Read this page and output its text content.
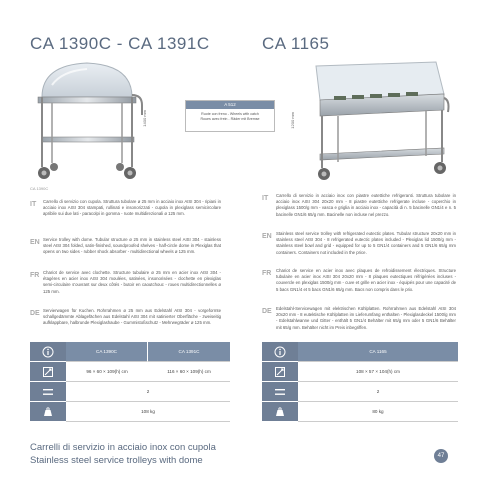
CA 1390C - CA 1391C	CA 1165
CA 1390C
1400 mm
A 512
Ruote con freno - Wheels with catch
Roues avec frein - Räder mit Bremse	1200 mm
IT	Carrello di servizio con cupola. Struttura tubolare ø 25 mm in acciaio inox AISI 304 - ripiani in acciaio inox AISI 304 stampati, rullinati e insonorizzati - cupola in plexiglass semicircolare apribile sui due lati - paracolpi in gomma - ruote multidirezionali ø 125 mm.
EN Service trolley with dome. Tubular structure ø 25 mm in stainless steel AISI 304 - stainless steel AISI 304 folded, satin-finished, soundproofed shelves - half-circle dome in Plexiglas that opens on two sides - rubber shock absorber - multidirectional wheels ø 125 mm.
FR Chariot de service avec clochette. Structure tubulaire ø 25 mm en acier inox AISI 304 - étagères en acier inox AISI 304 moulées, satinées, insonorisées - clochette en plexiglas semi-circulaire s'ouvrant sur deux côtés - butoir en caoutchouc - roues multidirectionnelles ø 125 mm.
DE Servierwagen für Kuchen. Rohrrahmen ø 25 mm aus Edelstahl AISI 304 - vorgeformte schallgedämmte Ablagefächen aus Edelstahl AISI 304 mit satinierter Oberfläche - zweiseitig aufklappbare, halbrunde Plexiglashaube - Gummistoßschutz - Mehrwegräder ø 125 mm.
IT	Carrello di servizio in acciaio inox con piastre eutettiche refrigeranti. Struttura tubolare in acciaio inox AISI 304 20x20 mm - 8 piastre eutettiche refrigerate incluse - coperchio in plexiglass 1500/g mm - vasca e griglia in acciaio inox - capacità di n. 5 bacinelle GN1/4 e n. 5 bacinelle GN1/6 65/g mm. Bacinelle non incluse nel prezzo.
EN Stainless steel service trolley with refrigerated eutectic plates. Tubular structure 20x20 mm in stainless steel AISI 304 - 8 refrigerated eutectic plates included - Plexiglas lid 1500/g mm - stainless steel bowl and grid - equipped for up to 5 GN1/4 containers and 5 GN1/6 65/g mm containers. Containers not included in the price.
FR Chariot de service en acier inox avec plaques de refroidissement électriques. Structure tubulaire en acier inox AISI 304 20x20 mm - 8 plaques eutectiques réfrigérées incluses - couvercle en plexiglas 1500/g mm - cuve et grille en acier inox - équipés pour une capacité de 5 bacs GN1/4 et 5 bacs GN1/6 65/g mm. Bacs non compris dans le prix.
DE Edelstahl-Servicewagen mit elektrischen Kühlplatten. Rohrrahmen aus Edelstahl AISI 304 20x20 mm - 8 eutektische Kühlplatten im Lieferumfang enthalten - Plexiglasdeckel 1500/g mm - Edelstahlwanne und Gitter - enthält 5 GN1/4 Behälter mit 65/g mm oder 5 GN1/6 Behälter mit 65/g mm. Behälter nicht im Preis inbegriffen.
CA 1390C	CA 1391C
96 × 60 × 109(h) cm	116 × 60 × 109(h) cm
2
108 kg
CA 1165
108 × 57 × 104(h) cm
2
80 kg
Carrelli di servizio in acciaio inox con cupola
Stainless steel service trolleys with dome	47
